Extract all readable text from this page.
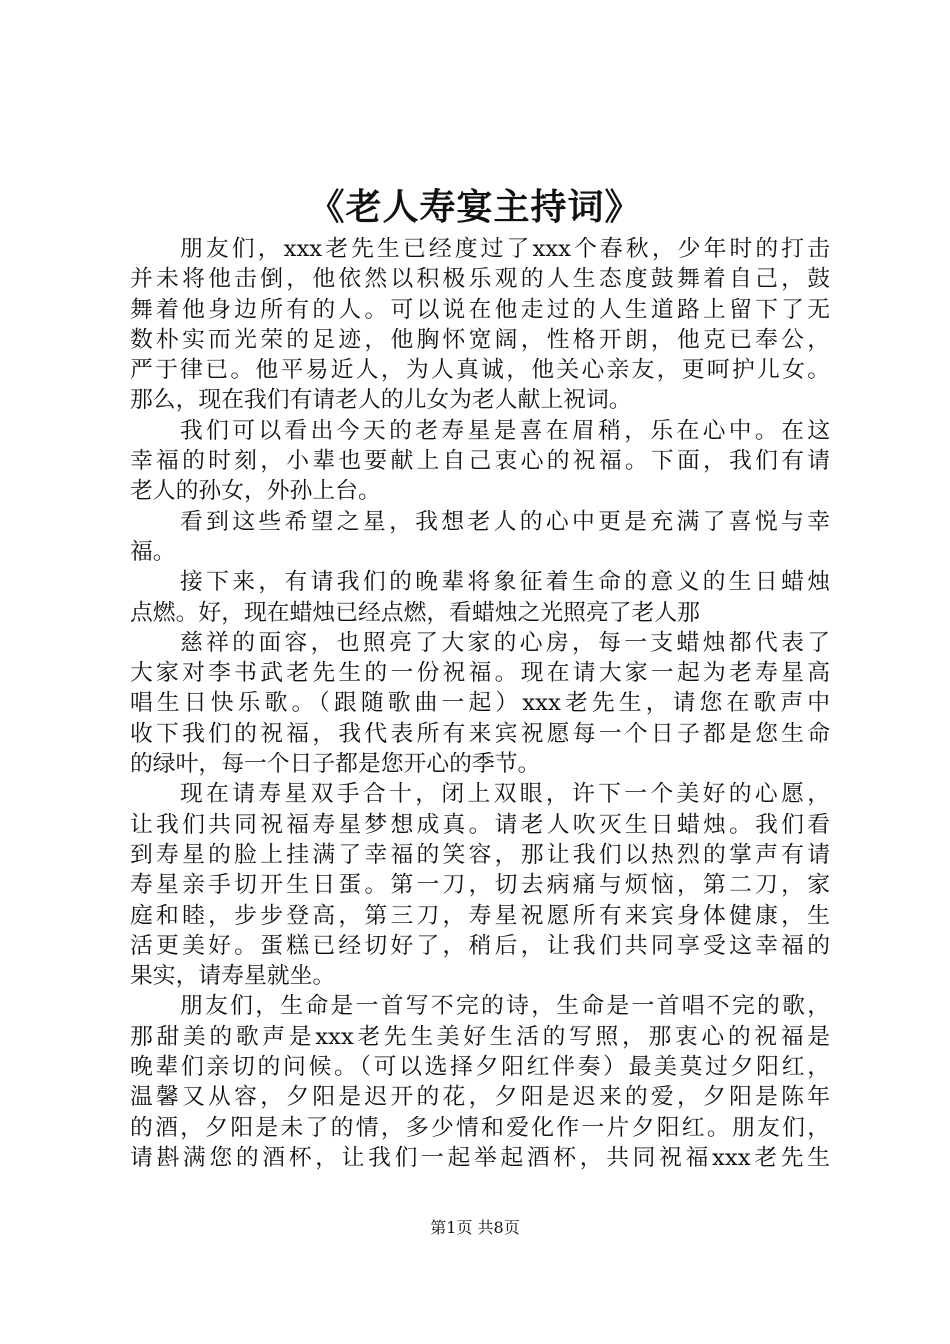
《老人寿宴主持词》
朋友们，xxx老先生已经度过了xxx个春秋，少年时的打击
并未将他击倒，他依然以积极乐观的人生态度鼓舞着自己，鼓
舞着他身边所有的人。可以说在他走过的人生道路上留下了无
数朴实而光荣的足迹，他胸怀宽阔，性格开朗，他克已奉公，
严于律已。他平易近人，为人真诚，他关心亲友，更呵护儿女。
那么，现在我们有请老人的儿女为老人献上祝词。
我们可以看出今天的老寿星是喜在眉稍，乐在心中。在这
幸福的时刻，小辈也要献上自己衷心的祝福。下面，我们有请
老人的孙女，外孙上台。
看到这些希望之星，我想老人的心中更是充满了喜悦与幸
福。
接下来，有请我们的晚辈将象征着生命的意义的生日蜡烛
点燃。好，现在蜡烛已经点燃，看蜡烛之光照亮了老人那
慈祥的面容，也照亮了大家的心房，每一支蜡烛都代表了
大家对李书武老先生的一份祝福。现在请大家一起为老寿星高
唱生日快乐歌。（跟随歌曲一起）xxx老先生，请您在歌声中
收下我们的祝福，我代表所有来宾祝愿每一个日子都是您生命
的绿叶，每一个日子都是您开心的季节。
现在请寿星双手合十，闭上双眼，许下一个美好的心愿，
让我们共同祝福寿星梦想成真。请老人吹灭生日蜡烛。我们看
到寿星的脸上挂满了幸福的笑容，那让我们以热烈的掌声有请
寿星亲手切开生日蛋。第一刀，切去病痛与烦恼，第二刀，家
庭和睦，步步登高，第三刀，寿星祝愿所有来宾身体健康，生
活更美好。蛋糕已经切好了，稍后，让我们共同享受这幸福的
果实，请寿星就坐。
朋友们，生命是一首写不完的诗，生命是一首唱不完的歌，
那甜美的歌声是xxx老先生美好生活的写照，那衷心的祝福是
晚辈们亲切的问候。（可以选择夕阳红伴奏）最美莫过夕阳红，
温馨又从容，夕阳是迟开的花，夕阳是迟来的爱，夕阳是陈年
的酒，夕阳是未了的情，多少情和爱化作一片夕阳红。朋友们，
请斟满您的酒杯，让我们一起举起酒杯，共同祝福xxx老先生
第1页 共8页
